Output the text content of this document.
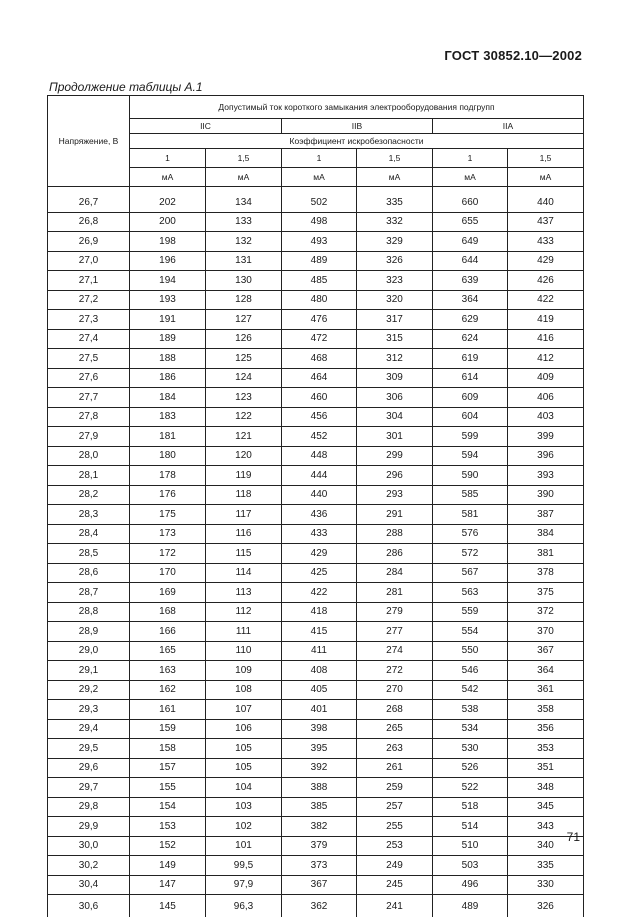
ГОСТ 30852.10—2002
Продолжение таблицы А.1
Напряжение, В	Допустимый ток короткого замыкания электрооборудования подгрупп					
	IIC		IIB		IIA	
	Коэффициент искробезопасности					
	1	1,5	1	1,5	1	1,5
	мА	мА	мА	мА	мА	мА

26,7	202	134	502	335	660	440
26,8	200	133	498	332	655	437
26,9	198	132	493	329	649	433
27,0	196	131	489	326	644	429
27,1	194	130	485	323	639	426
27,2	193	128	480	320	364	422
27,3	191	127	476	317	629	419
27,4	189	126	472	315	624	416
27,5	188	125	468	312	619	412
27,6	186	124	464	309	614	409
27,7	184	123	460	306	609	406
27,8	183	122	456	304	604	403
27,9	181	121	452	301	599	399
28,0	180	120	448	299	594	396
28,1	178	119	444	296	590	393
28,2	176	118	440	293	585	390
28,3	175	117	436	291	581	387
28,4	173	116	433	288	576	384
28,5	172	115	429	286	572	381
28,6	170	114	425	284	567	378
28,7	169	113	422	281	563	375
28,8	168	112	418	279	559	372
28,9	166	111	415	277	554	370
29,0	165	110	411	274	550	367
29,1	163	109	408	272	546	364
29,2	162	108	405	270	542	361
29,3	161	107	401	268	538	358
29,4	159	106	398	265	534	356
29,5	158	105	395	263	530	353
29,6	157	105	392	261	526	351
29,7	155	104	388	259	522	348
29,8	154	103	385	257	518	345
29,9	153	102	382	255	514	343
30,0	152	101	379	253	510	340
30,2	149	99,5	373	249	503	335
30,4	147	97,9	367	245	496	330
30,6	145	96,3	362	241	489	326
71
